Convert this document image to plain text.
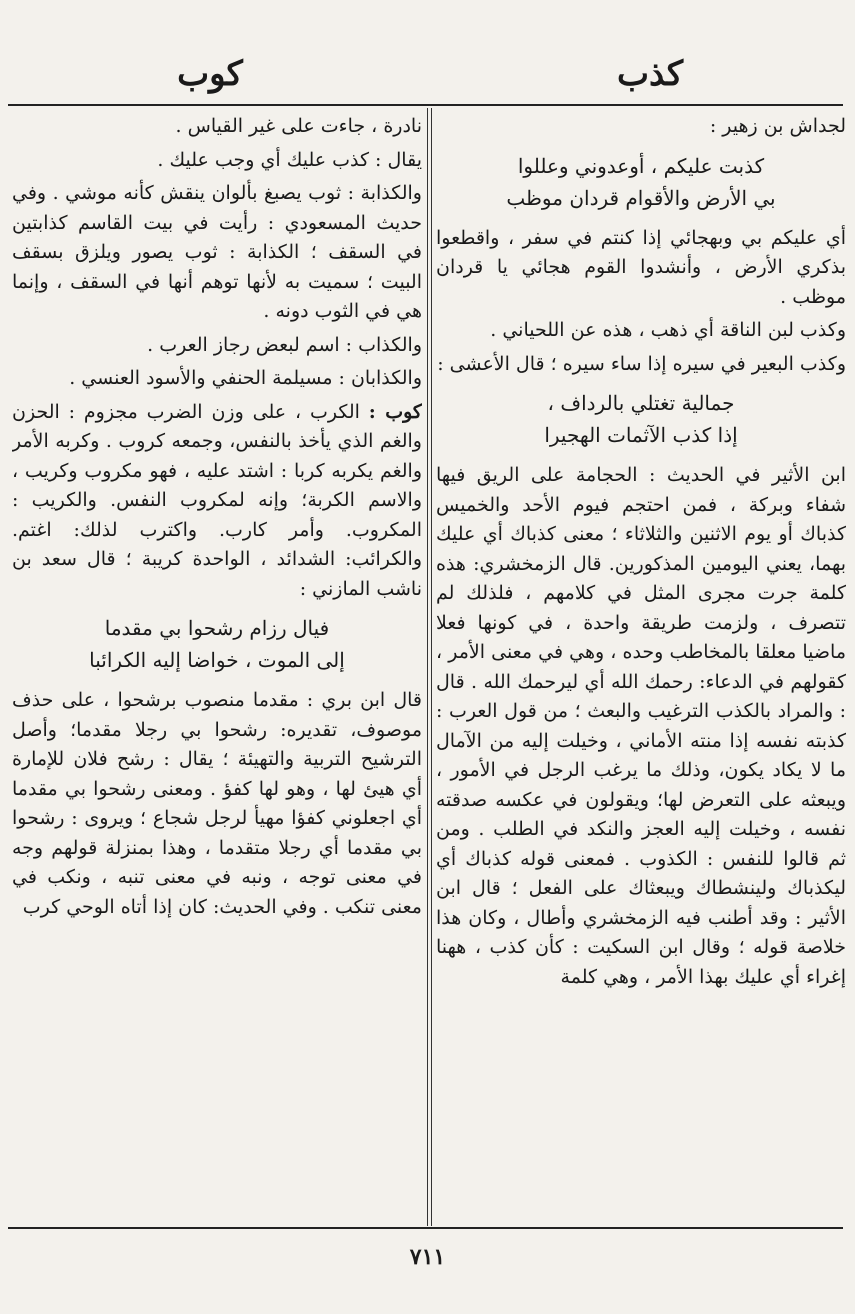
كذب
كوب

لجداش بن زهير :

كذبت عليكم ، أوعدوني وعللوا
بي الأرض والأقوام قردان موظب

أي عليكم بي وبهجائي إذا كنتم في سفر ، واقطعوا بذكري الأرض ، وأنشدوا القوم هجائي يا قردان موظب .

وكذب لبن الناقة أي ذهب ، هذه عن اللحياني .

وكذب البعير في سيره إذا ساء سيره ؛ قال الأعشى :

جمالية تغتلي بالرداف ،
إذا كذب الآثمات الهجيرا

ابن الأثير في الحديث : الحجامة على الريق فيها شفاء وبركة ، فمن احتجم فيوم الأحد والخميس كذباك أو يوم الاثنين والثلاثاء ؛ معنى كذباك أي عليك بهما، يعني اليومين المذكورين. قال الزمخشري: هذه كلمة جرت مجرى المثل في كلامهم ، فلذلك لم تتصرف ، ولزمت طريقة واحدة ، في كونها فعلا ماضيا معلقا بالمخاطب وحده ، وهي في معنى الأمر ، كقولهم في الدعاء: رحمك الله أي ليرحمك الله . قال : والمراد بالكذب الترغيب والبعث ؛ من قول العرب : كذبته نفسه إذا منته الأماني ، وخيلت إليه من الآمال ما لا يكاد يكون، وذلك ما يرغب الرجل في الأمور ، ويبعثه على التعرض لها؛ ويقولون في عكسه صدقته نفسه ، وخيلت إليه العجز والنكد في الطلب . ومن ثم قالوا للنفس : الكذوب . فمعنى قوله كذباك أي ليكذباك ولينشطاك ويبعثاك على الفعل ؛ قال ابن الأثير : وقد أطنب فيه الزمخشري وأطال ، وكان هذا خلاصة قوله ؛ وقال ابن السكيت : كأن كذب ، ههنا إغراء أي عليك بهذا الأمر ، وهي كلمة

نادرة ، جاءت على غير القياس .

يقال : كذب عليك أي وجب عليك .

والكذابة : ثوب يصبغ بألوان ينقش كأنه موشي . وفي حديث المسعودي : رأيت في بيت القاسم كذابتين في السقف ؛ الكذابة : ثوب يصور ويلزق بسقف البيت ؛ سميت به لأنها توهم أنها في السقف ، وإنما هي في الثوب دونه .

والكذاب : اسم لبعض رجاز العرب .

والكذابان : مسيلمة الحنفي والأسود العنسي .

كوب : الكرب ، على وزن الضرب مجزوم : الحزن والغم الذي يأخذ بالنفس، وجمعه كروب . وكربه الأمر والغم يكربه كربا : اشتد عليه ، فهو مكروب وكريب ، والاسم الكربة؛ وإنه لمكروب النفس. والكريب : المكروب. وأمر كارب. واكترب لذلك: اغتم. والكرائب: الشدائد ، الواحدة كريبة ؛ قال سعد بن ناشب المازني :

فيال رزام رشحوا بي مقدما
إلى الموت ، خواضا إليه الكرائبا

قال ابن بري : مقدما منصوب برشحوا ، على حذف موصوف، تقديره: رشحوا بي رجلا مقدما؛ وأصل الترشيح التربية والتهيئة ؛ يقال : رشح فلان للإمارة أي هيئ لها ، وهو لها كفؤ . ومعنى رشحوا بي مقدما أي اجعلوني كفؤا مهيأ لرجل شجاع ؛ ويروى : رشحوا بي مقدما أي رجلا متقدما ، وهذا بمنزلة قولهم وجه في معنى توجه ، ونبه في معنى تنبه ، ونكب في معنى تنكب . وفي الحديث: كان إذا أتاه الوحي كرب

٧١١
